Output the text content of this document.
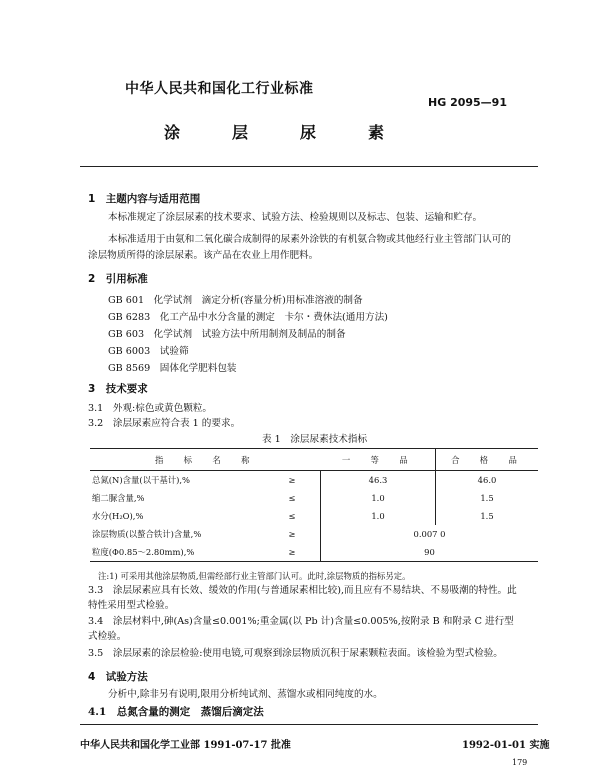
中华人民共和国化工行业标准
HG 2095—91
涂	层	尿	素
1　主题内容与适用范围
本标准规定了涂层尿素的技术要求、试验方法、检验规则以及标志、包装、运输和贮存。
本标准适用于由氨和二氧化碳合成制得的尿素外涂铁的有机氨合物或其他经行业主管部门认可的
涂层物质所得的涂层尿素。该产品在农业上用作肥料。
2　引用标准
GB 601　化学试剂　滴定分析(容量分析)用标准溶液的制备
GB 6283　化工产品中水分含量的测定　卡尔・费休法(通用方法)
GB 603　化学试剂　试验方法中所用制剂及制品的制备
GB 6003　试验筛
GB 8569　固体化学肥料包装
3　技术要求
3.1　外观:棕色或黄色颗粒。
3.2　涂层尿素应符合表 1 的要求。
表 1　涂层尿素技术指标
指　标　名　称		一　等　品	合　格　品
总氮(N)含量(以干基计),%	≥	46.3	46.0
缩二脲含量,%	≤	1.0	1.5
水分(H₂O),%	≤	1.0	1.5
涂层物质(以螯合铁计)含量,%	≥	0.007 0	
粒度(Φ0.85～2.80mm),%	≥	90	
注:1) 可采用其他涂层物质,但需经部行业主管部门认可。此时,涂层物质的指标另定。
3.3　涂层尿素应具有长效、缓效的作用(与普通尿素相比较),而且应有不易结块、不易吸潮的特性。此
特性采用型式检验。
3.4　涂层材料中,砷(As)含量≤0.001%;重金属(以 Pb 计)含量≤0.005%,按附录 B 和附录 C 进行型
式检验。
3.5　涂层尿素的涂层检验:使用电镜,可观察到涂层物质沉积于尿素颗粒表面。该检验为型式检验。
4　试验方法
分析中,除非另有说明,限用分析纯试剂、蒸馏水或相同纯度的水。
4.1　总氮含量的测定　蒸馏后滴定法
中华人民共和国化学工业部 1991-07-17 批准	1992-01-01 实施
179
